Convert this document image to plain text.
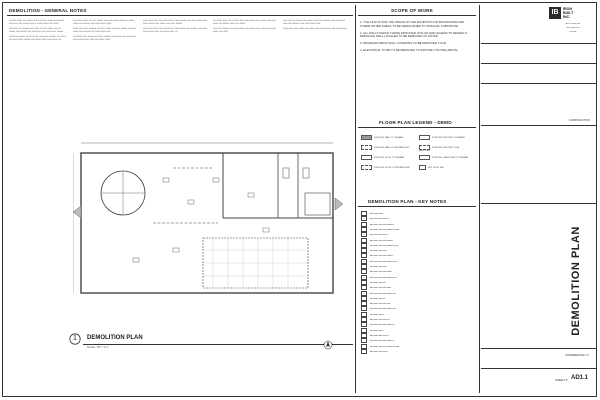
DEMOLITION - GENERAL NOTES
▪▪▪ ▪▪▪▪ ▪▪▪▪▪▪ ▪▪▪ ▪▪▪▪▪▪▪ ▪▪▪▪ ▪▪▪▪▪ ▪▪▪▪ ▪▪▪▪▪▪ ▪▪▪ ▪▪▪▪▪▪▪ ▪▪▪▪▪ ▪▪▪▪ ▪▪▪▪ ▪▪▪▪▪▪▪ ▪▪▪▪ ▪▪ ▪▪▪▪▪▪ ▪▪▪▪▪▪ ▪▪▪ ▪▪▪▪▪▪
▪▪▪▪ ▪▪▪▪▪ ▪▪▪ ▪▪▪▪▪▪▪▪ ▪▪▪▪ ▪▪▪▪▪ ▪▪ ▪▪▪▪▪ ▪▪▪▪▪▪ ▪▪▪▪ ▪▪▪ ▪▪▪▪▪▪▪ ▪▪▪▪ ▪▪▪▪▪▪▪ ▪▪▪▪ ▪▪▪▪▪▪ ▪▪▪ ▪▪▪▪ ▪▪▪▪▪▪ ▪▪▪▪ ▪▪▪▪▪▪▪
▪▪▪▪▪ ▪▪▪▪ ▪▪▪▪▪▪▪ ▪▪▪ ▪▪▪▪▪ ▪▪▪▪ ▪▪▪▪▪▪ ▪▪▪ ▪▪▪▪▪▪▪▪ ▪▪▪▪ ▪▪▪▪▪ ▪▪▪ ▪▪▪▪▪▪ ▪▪▪▪▪ ▪▪▪▪▪▪▪ ▪▪▪▪ ▪▪▪▪▪▪ ▪▪▪▪▪ ▪▪▪▪▪ ▪▪▪▪▪▪ ▪▪▪
▪▪▪▪ ▪▪▪▪▪ ▪▪▪▪▪▪ ▪▪▪▪ ▪▪▪ ▪▪▪▪▪▪▪ ▪▪▪▪ ▪▪▪▪▪ ▪▪▪▪▪ ▪▪▪▪▪▪▪ ▪▪▪ ▪▪▪▪▪ ▪▪▪▪▪▪ ▪▪▪▪ ▪▪▪▪▪▪▪ ▪▪▪▪ ▪▪▪▪▪ ▪▪▪▪▪▪ ▪▪▪▪▪
▪▪▪▪▪▪ ▪▪▪▪ ▪▪▪▪▪ ▪▪▪▪▪▪▪▪ ▪▪▪ ▪▪▪▪▪ ▪▪▪▪▪▪ ▪▪▪▪ ▪▪▪▪ ▪▪▪▪▪▪▪ ▪▪▪▪▪ ▪▪▪ ▪▪▪▪▪▪ ▪▪▪▪ ▪▪▪▪▪▪▪▪ ▪▪▪ ▪▪▪▪▪▪ ▪▪▪▪▪ ▪▪▪▪
▪▪▪ ▪▪▪▪▪▪▪ ▪▪▪▪ ▪▪▪▪▪▪ ▪▪▪▪▪ ▪▪▪▪ ▪▪▪▪▪▪▪ ▪▪▪▪▪ ▪▪▪▪▪ ▪▪▪▪ ▪▪▪▪▪▪▪ ▪▪▪ ▪▪▪▪▪ ▪▪▪▪▪▪▪ ▪▪▪▪ ▪▪▪▪▪ ▪▪▪ ▪▪▪▪▪▪ ▪▪▪▪▪▪
▪▪▪▪▪ ▪▪▪▪▪▪ ▪▪▪▪ ▪▪▪ ▪▪▪▪▪▪▪ ▪▪▪▪▪ ▪▪▪▪ ▪▪▪▪▪▪▪▪ ▪▪▪▪ ▪▪▪▪▪ ▪▪▪▪▪▪ ▪▪▪▪ ▪▪▪▪▪ ▪▪▪▪▪▪▪ ▪▪▪▪ ▪▪▪▪▪▪ ▪▪▪▪▪ ▪▪▪▪ ▪▪▪▪▪▪▪
▪▪▪▪ ▪▪▪▪▪▪ ▪▪▪▪▪ ▪▪▪▪▪ ▪▪▪▪▪▪▪ ▪▪▪ ▪▪▪▪▪ ▪▪▪▪▪▪ ▪▪▪▪ ▪▪▪▪▪▪▪ ▪▪▪▪▪ ▪▪▪▪ ▪▪▪▪ ▪▪▪▪▪▪▪ ▪▪▪▪▪ ▪▪▪ ▪▪▪▪▪▪ ▪▪▪▪▪ ▪▪▪
▪▪▪ ▪▪▪▪▪▪ ▪▪▪▪▪ ▪▪▪▪ ▪▪▪▪▪▪▪ ▪▪▪▪ ▪▪▪▪▪ ▪▪▪▪▪▪ ▪▪▪▪ ▪▪▪▪▪▪▪ ▪▪▪▪ ▪▪▪▪▪ ▪▪▪▪▪▪ ▪▪▪ ▪▪▪▪▪▪▪ ▪▪▪▪▪ ▪▪▪▪ ▪▪▪▪▪▪
▪▪▪▪▪ ▪▪▪▪ ▪▪▪▪▪▪▪ ▪▪▪▪ ▪▪▪▪▪ ▪▪▪▪▪▪ ▪▪▪ ▪▪▪▪▪▪▪ ▪▪▪▪ ▪▪▪▪▪ ▪▪▪▪▪▪ ▪▪▪▪ ▪▪▪▪▪▪ ▪▪▪▪ ▪▪▪▪▪
▪▪▪▪ ▪▪▪▪▪ ▪▪▪ ▪▪▪▪▪▪▪ ▪▪▪▪ ▪▪▪▪▪▪ ▪▪▪▪▪ ▪▪▪▪ ▪▪▪▪▪▪▪ ▪▪▪▪▪ ▪▪▪ ▪▪▪▪▪▪ ▪▪▪▪▪ ▪▪▪▪ ▪▪▪▪▪▪▪ ▪▪▪▪▪ ▪▪▪▪▪ ▪▪▪▪▪▪ ▪▪▪▪
▪▪▪▪▪▪ ▪▪▪▪ ▪▪▪▪▪ ▪▪▪▪▪▪ ▪▪▪ ▪▪▪▪▪▪▪ ▪▪▪▪ ▪▪▪▪▪▪ ▪▪▪▪▪ ▪▪▪▪ ▪▪▪▪▪▪▪ ▪▪▪▪
SCOPE OF WORK
1. TILE FLAT FLOOR THE SPACE OF THE EXCEPTION OF BATHROOMS AND OTHER NOTED AREAS TO BE DEMOLISHED TO ORIGINAL SUBSTRATE.
2. ALL WALLS WHICH THOSE INDICATED IN PLAN AND LEGEND TO REMAIN & DEMOLISH WALL LOCALES TO BE REMOVED AS NOTED.
3. SPARKLED DROP WALL COVERING TO BE REMOVED 3 CLR.
4. ELECTRICAL TO BE TO BE REMOVED TO EXPOSE UTILITIES ABOVE.
FLOOR PLAN LEGEND - DEMO
EXISTING WALL TO REMAIN
EXISTING WALL TO BE REMOVED
EXISTING DOOR TO REMAIN
EXISTING DOOR TO BE REMOVED
EXISTING FIXTURE TO REMAIN
EXISTING FIXTURE TO BE REMOVED
EXISTING CASEWORK TO REMAIN
KEY NOTE TAG
DEMOLITION PLAN - KEY NOTES
1	DEMOLITION PLAN
SCALE: 1/8" = 1'-0"
IB	IRON
BUILT
INC.
▪▪▪▪ ▪▪ ▪▪▪▪▪▪ ▪▪▪▪
▪▪▪▪▪ ▪▪▪▪▪▪ ▪▪▪▪
▪▪ ▪▪▪▪▪▪
CONSTRUCTION
DEMOLITION PLAN
COMMERCIAL TI
SHEET # AD1.1
▪▪▪▪ ▪▪▪▪▪▪ ▪▪▪▪ ▪
▪▪▪▪ ▪▪▪▪▪▪ ▪▪▪▪ ▪▪▪▪▪ ▪▪
▪▪▪▪ ▪▪▪▪▪▪ ▪▪▪▪ ▪▪▪▪▪ ▪▪▪▪▪▪▪ ▪
▪▪▪▪ ▪▪▪▪▪▪ ▪▪▪▪ ▪▪▪▪▪ ▪▪▪▪▪▪▪ ▪▪▪ ▪▪▪▪
▪▪▪▪ ▪▪▪▪▪▪ ▪▪▪▪ ▪▪▪▪▪ ▪
▪▪▪▪ ▪▪▪▪▪▪ ▪▪▪▪ ▪▪▪▪▪ ▪▪▪▪▪▪▪
▪▪▪▪ ▪▪▪▪▪▪ ▪▪▪▪ ▪▪▪▪▪ ▪▪▪▪▪▪▪ ▪▪▪ ▪▪▪
▪▪▪▪ ▪▪▪▪▪▪ ▪▪▪▪ ▪▪▪▪▪
▪▪▪▪ ▪▪▪▪▪▪ ▪▪▪▪ ▪▪▪▪▪ ▪▪▪▪▪▪▪
▪▪▪▪ ▪▪▪▪▪▪ ▪▪▪▪ ▪▪▪▪▪ ▪▪▪▪▪▪▪ ▪▪▪ ▪▪
▪▪▪▪ ▪▪▪▪▪▪ ▪▪▪▪ ▪▪▪▪▪
▪▪▪▪ ▪▪▪▪▪▪ ▪▪▪▪ ▪▪▪▪▪ ▪▪▪▪▪▪
▪▪▪▪ ▪▪▪▪▪▪ ▪▪▪▪ ▪▪▪▪▪ ▪▪▪▪▪▪▪ ▪▪▪ ▪
▪▪▪▪ ▪▪▪▪▪▪ ▪▪▪▪ ▪▪▪▪
▪▪▪▪ ▪▪▪▪▪▪ ▪▪▪▪ ▪▪▪▪▪ ▪▪▪▪▪
▪▪▪▪ ▪▪▪▪▪▪ ▪▪▪▪ ▪▪▪▪▪ ▪▪▪▪▪▪▪ ▪▪▪
▪▪▪▪ ▪▪▪▪▪▪ ▪▪▪▪ ▪▪▪
▪▪▪▪ ▪▪▪▪▪▪ ▪▪▪▪ ▪▪▪▪▪ ▪▪▪▪
▪▪▪▪ ▪▪▪▪▪▪ ▪▪▪▪ ▪▪▪▪▪ ▪▪▪▪▪▪▪ ▪▪▪
▪▪▪▪ ▪▪▪▪▪▪ ▪▪▪▪ ▪▪
▪▪▪▪ ▪▪▪▪▪▪ ▪▪▪▪ ▪▪▪▪▪ ▪▪▪
▪▪▪▪ ▪▪▪▪▪▪ ▪▪▪▪ ▪▪▪▪▪ ▪▪▪▪▪▪▪ ▪▪
▪▪▪▪ ▪▪▪▪▪▪ ▪▪▪▪ ▪
▪▪▪▪ ▪▪▪▪▪▪ ▪▪▪▪ ▪▪▪▪▪ ▪▪
▪▪▪▪ ▪▪▪▪▪▪ ▪▪▪▪ ▪▪▪▪▪ ▪▪▪▪▪▪▪ ▪
▪▪▪▪ ▪▪▪▪▪▪ ▪▪▪▪ ▪▪▪▪▪ ▪▪▪▪▪▪▪ ▪▪▪ ▪▪▪▪
▪▪▪▪ ▪▪▪▪▪▪ ▪▪▪▪ ▪▪▪▪▪ ▪
